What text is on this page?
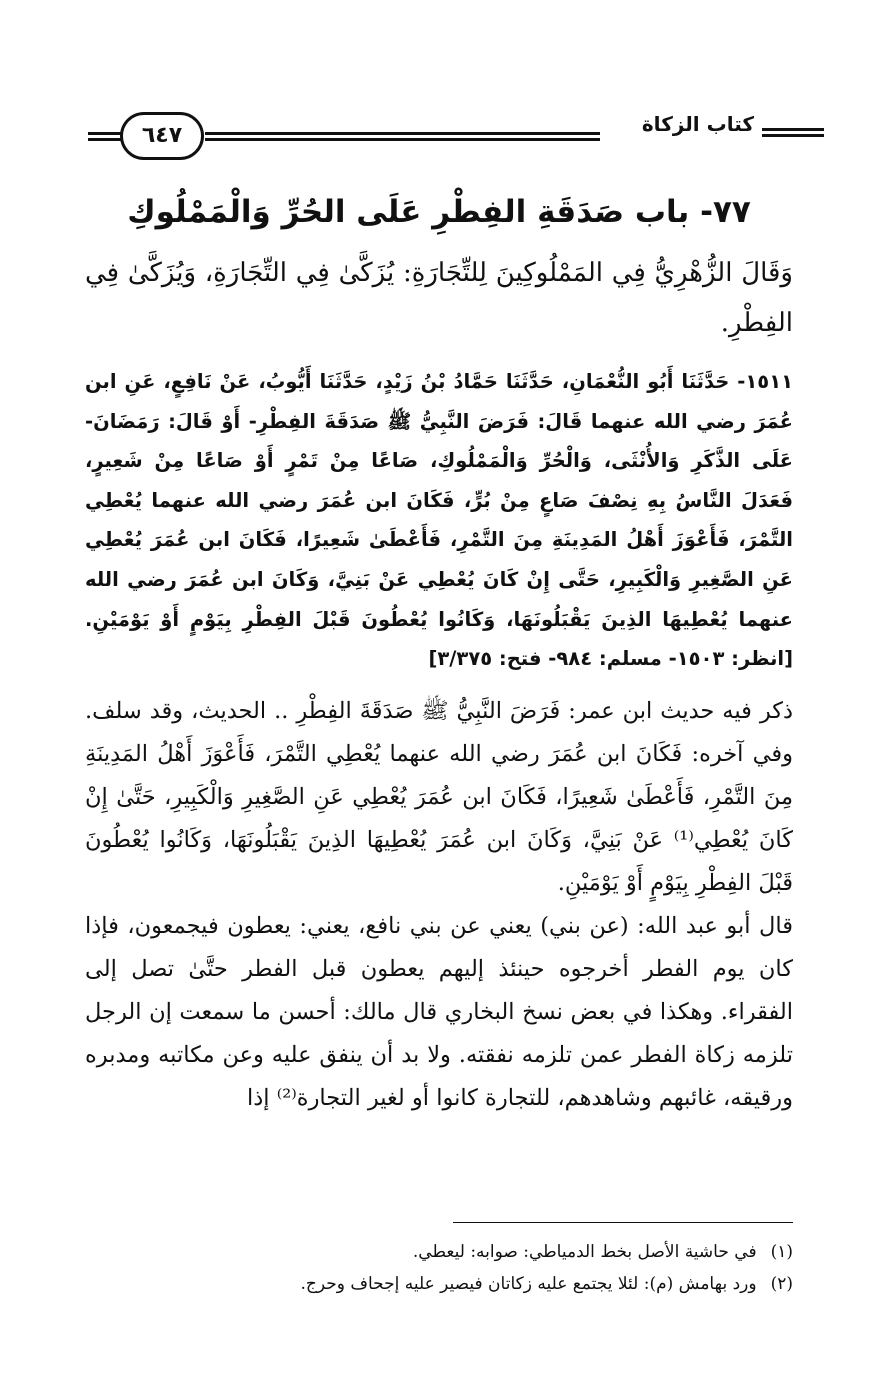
كتاب الزكاة
٦٤٧
٧٧- باب صَدَقَةِ الفِطْرِ عَلَى الحُرِّ وَالْمَمْلُوكِ
وَقَالَ الزُّهْرِيُّ فِي المَمْلُوكِينَ لِلتِّجَارَةِ: يُزَكَّىٰ فِي التِّجَارَةِ، وَيُزَكَّىٰ فِي الفِطْرِ.
١٥١١- حَدَّثَنَا أَبُو النُّعْمَانِ، حَدَّثَنَا حَمَّادُ بْنُ زَيْدٍ، حَدَّثَنَا أَيُّوبُ، عَنْ نَافِعٍ، عَنِ ابن عُمَرَ رضي الله عنهما قَالَ: فَرَضَ النَّبِيُّ ﷺ صَدَقَةَ الفِطْرِ- أَوْ قَالَ: رَمَضَانَ- عَلَى الذَّكَرِ وَالأُنْثَى، وَالْحُرِّ وَالْمَمْلُوكِ، صَاعًا مِنْ تَمْرٍ أَوْ صَاعًا مِنْ شَعِيرٍ، فَعَدَلَ النَّاسُ بِهِ نِصْفَ صَاعٍ مِنْ بُرٍّ، فَكَانَ ابن عُمَرَ رضي الله عنهما يُعْطِي التَّمْرَ، فَأَعْوَزَ أَهْلُ المَدِينَةِ مِنَ التَّمْرِ، فَأَعْطَىٰ شَعِيرًا، فَكَانَ ابن عُمَرَ يُعْطِي عَنِ الصَّغِيرِ وَالْكَبِيرِ، حَتَّى إِنْ كَانَ يُعْطِي عَنْ بَنِيَّ، وَكَانَ ابن عُمَرَ رضي الله عنهما يُعْطِيهَا الذِينَ يَقْبَلُونَهَا، وَكَانُوا يُعْطُونَ قَبْلَ الفِطْرِ بِيَوْمٍ أَوْ يَوْمَيْنِ. [انظر: ١٥٠٣- مسلم: ٩٨٤- فتح: ٣/٣٧٥]
ذكر فيه حديث ابن عمر: فَرَضَ النَّبِيُّ ﷺ صَدَقَةَ الفِطْرِ .. الحديث، وقد سلف. وفي آخره: فَكَانَ ابن عُمَرَ رضي الله عنهما يُعْطِي التَّمْرَ، فَأَعْوَزَ أَهْلُ المَدِينَةِ مِنَ التَّمْرِ، فَأَعْطَىٰ شَعِيرًا، فَكَانَ ابن عُمَرَ يُعْطِي عَنِ الصَّغِيرِ وَالْكَبِيرِ، حَتَّىٰ إِنْ كَانَ يُعْطِي⁽¹⁾ عَنْ بَنِيَّ، وَكَانَ ابن عُمَرَ يُعْطِيهَا الذِينَ يَقْبَلُونَهَا، وَكَانُوا يُعْطُونَ قَبْلَ الفِطْرِ بِيَوْمٍ أَوْ يَوْمَيْنِ.
قال أبو عبد الله: (عن بني) يعني عن بني نافع، يعني: يعطون فيجمعون، فإذا كان يوم الفطر أخرجوه حينئذ إليهم يعطون قبل الفطر حتَّىٰ تصل إلى الفقراء. وهكذا في بعض نسخ البخاري قال مالك: أحسن ما سمعت إن الرجل تلزمه زكاة الفطر عمن تلزمه نفقته. ولا بد أن ينفق عليه وعن مكاتبه ومدبره ورقيقه، غائبهم وشاهدهم، للتجارة كانوا أو لغير التجارة⁽²⁾ إذا
(١)في حاشية الأصل بخط الدمياطي: صوابه: ليعطي.
(٢)ورد بهامش (م): لئلا يجتمع عليه زكاتان فيصير عليه إجحاف وحرج.
